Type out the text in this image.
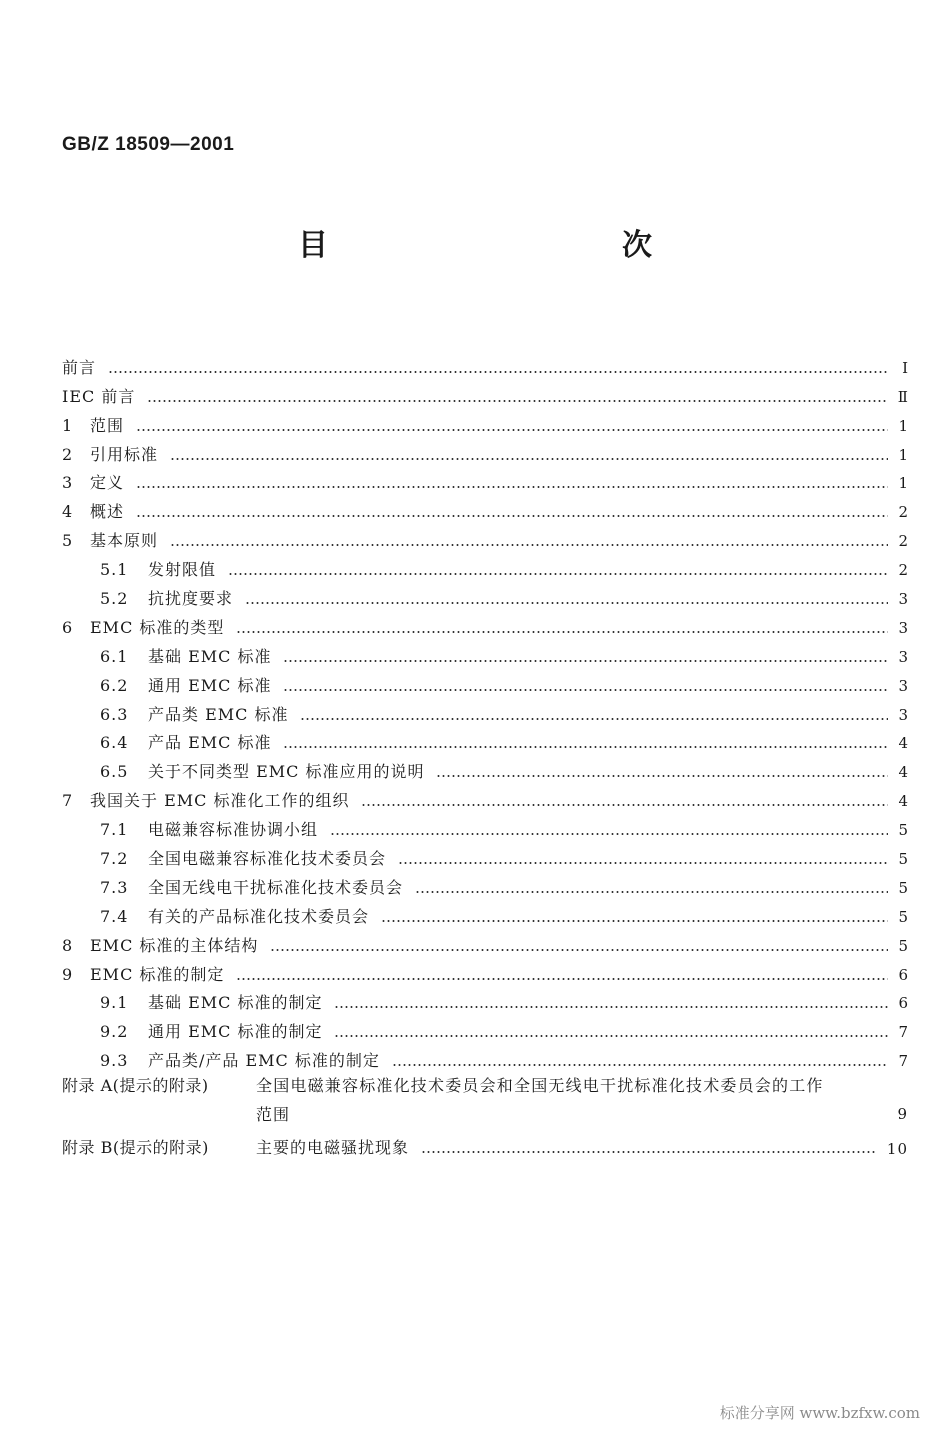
GB/Z 18509—2001
目　　次
前言	I
IEC 前言	Ⅱ
1	范围	1
2	引用标准	1
3	定义	1
4	概述	2
5	基本原则	2
5.1	发射限值	2
5.2	抗扰度要求	3
6	EMC 标准的类型	3
6.1	基础 EMC 标准	3
6.2	通用 EMC 标准	3
6.3	产品类 EMC 标准	3
6.4	产品 EMC 标准	4
6.5	关于不同类型 EMC 标准应用的说明	4
7	我国关于 EMC 标准化工作的组织	4
7.1	电磁兼容标准协调小组	5
7.2	全国电磁兼容标准化技术委员会	5
7.3	全国无线电干扰标准化技术委员会	5
7.4	有关的产品标准化技术委员会	5
8	EMC 标准的主体结构	5
9	EMC 标准的制定	6
9.1	基础 EMC 标准的制定	6
9.2	通用 EMC 标准的制定	7
9.3	产品类/产品 EMC 标准的制定	7
附录 A(提示的附录)	全国电磁兼容标准化技术委员会和全国无线电干扰标准化技术委员会的工作
范围	9
附录 B(提示的附录)	主要的电磁骚扰现象	10
标准分享网 www.bzfxw.com
